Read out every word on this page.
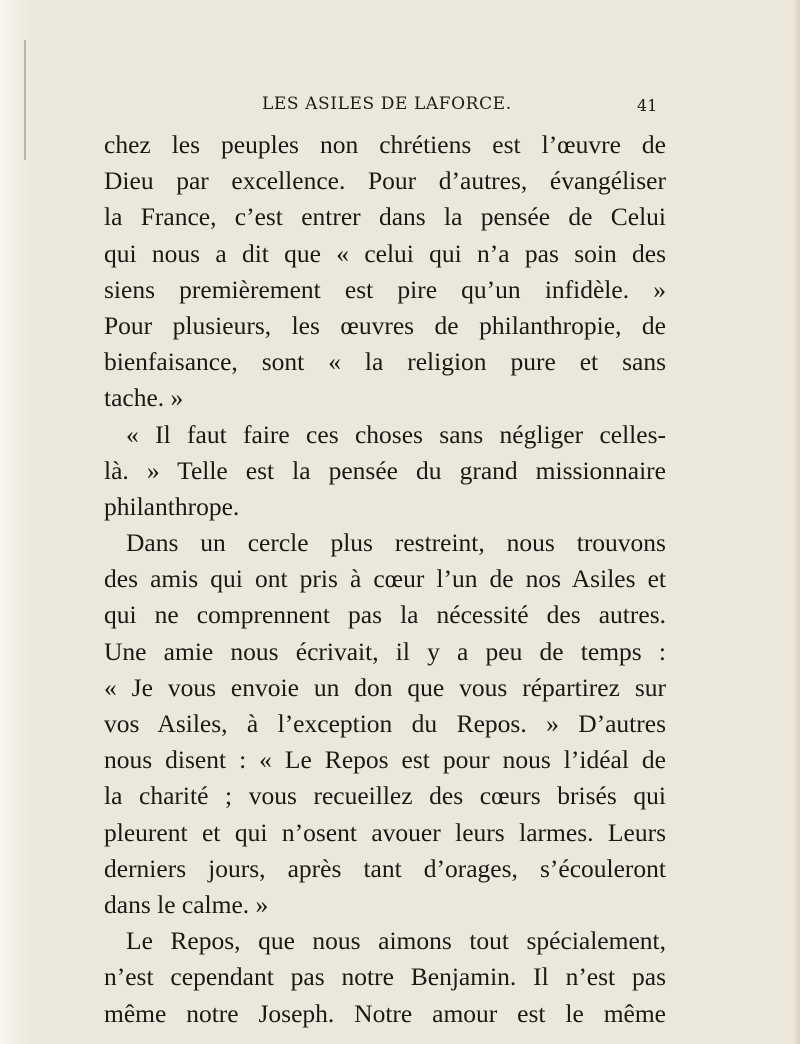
LES ASILES DE LAFORCE.	41
chez les peuples non chrétiens est l’œuvre de
Dieu par excellence. Pour d’autres, évangéliser
la France, c’est entrer dans la pensée de Celui
qui nous a dit que « celui qui n’a pas soin des
siens premièrement est pire qu’un infidèle. »
Pour plusieurs, les œuvres de philanthropie, de
bienfaisance, sont « la religion pure et sans
tache. »
« Il faut faire ces choses sans négliger celles-
là. » Telle est la pensée du grand missionnaire
philanthrope.
Dans un cercle plus restreint, nous trouvons
des amis qui ont pris à cœur l’un de nos Asiles et
qui ne comprennent pas la nécessité des autres.
Une amie nous écrivait, il y a peu de temps :
« Je vous envoie un don que vous répartirez sur
vos Asiles, à l’exception du Repos. » D’autres
nous disent : « Le Repos est pour nous l’idéal de
la charité ; vous recueillez des cœurs brisés qui
pleurent et qui n’osent avouer leurs larmes. Leurs
derniers jours, après tant d’orages, s’écouleront
dans le calme. »
Le Repos, que nous aimons tout spécialement,
n’est cependant pas notre Benjamin. Il n’est pas
même notre Joseph. Notre amour est le même
